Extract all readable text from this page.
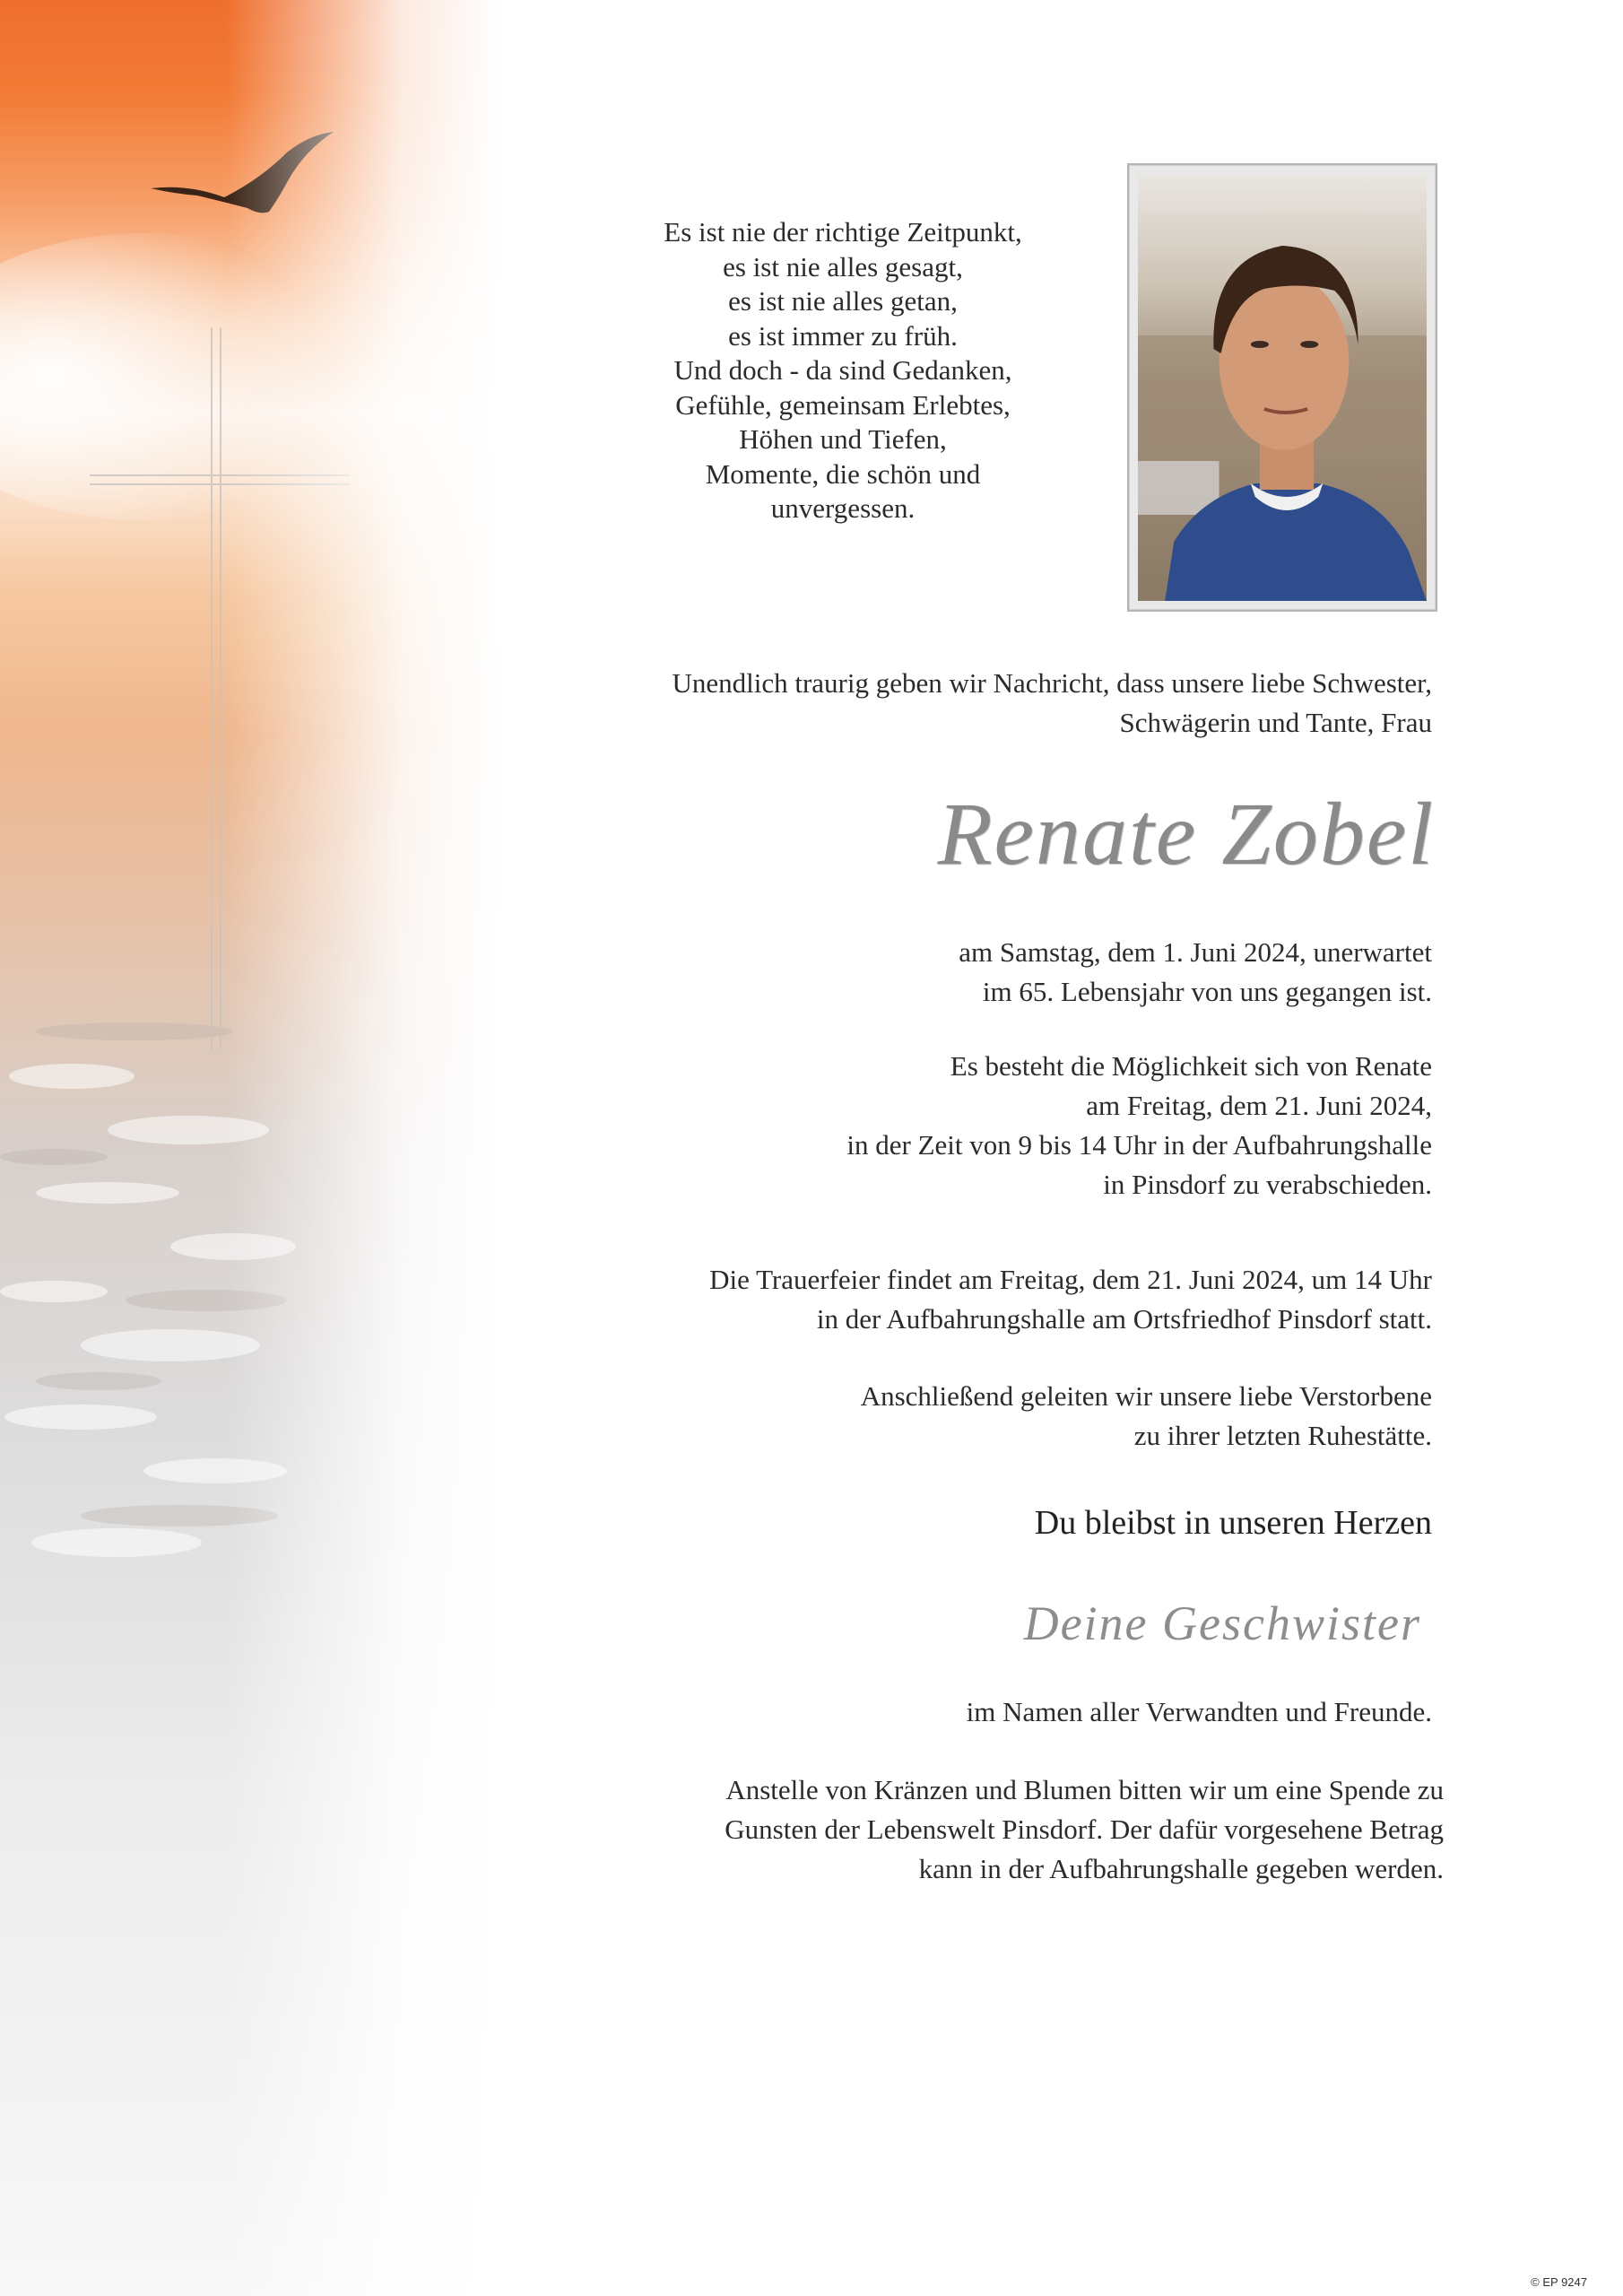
Es ist nie der richtige Zeitpunkt,
es ist nie alles gesagt,
es ist nie alles getan,
es ist immer zu früh.
Und doch - da sind Gedanken,
Gefühle, gemeinsam Erlebtes,
Höhen und Tiefen,
Momente, die schön und
unvergessen.
Unendlich traurig geben wir Nachricht, dass unsere liebe Schwester,
Schwägerin und Tante, Frau
Renate Zobel
am Samstag, dem 1. Juni 2024, unerwartet
im 65. Lebensjahr von uns gegangen ist.
Es besteht die Möglichkeit sich von Renate
am Freitag, dem 21. Juni 2024,
in der Zeit von 9 bis 14 Uhr in der Aufbahrungshalle
in Pinsdorf zu verabschieden.
Die Trauerfeier findet am Freitag, dem 21. Juni 2024, um 14 Uhr
in der Aufbahrungshalle am Ortsfriedhof Pinsdorf statt.
Anschließend geleiten wir unsere liebe Verstorbene
zu ihrer letzten Ruhestätte.
Du bleibst in unseren Herzen
Deine Geschwister
im Namen aller Verwandten und Freunde.
Anstelle von Kränzen und Blumen bitten wir um eine Spende zu
Gunsten der Lebenswelt Pinsdorf. Der dafür vorgesehene Betrag
kann in der Aufbahrungshalle gegeben werden.
© EP 9247
